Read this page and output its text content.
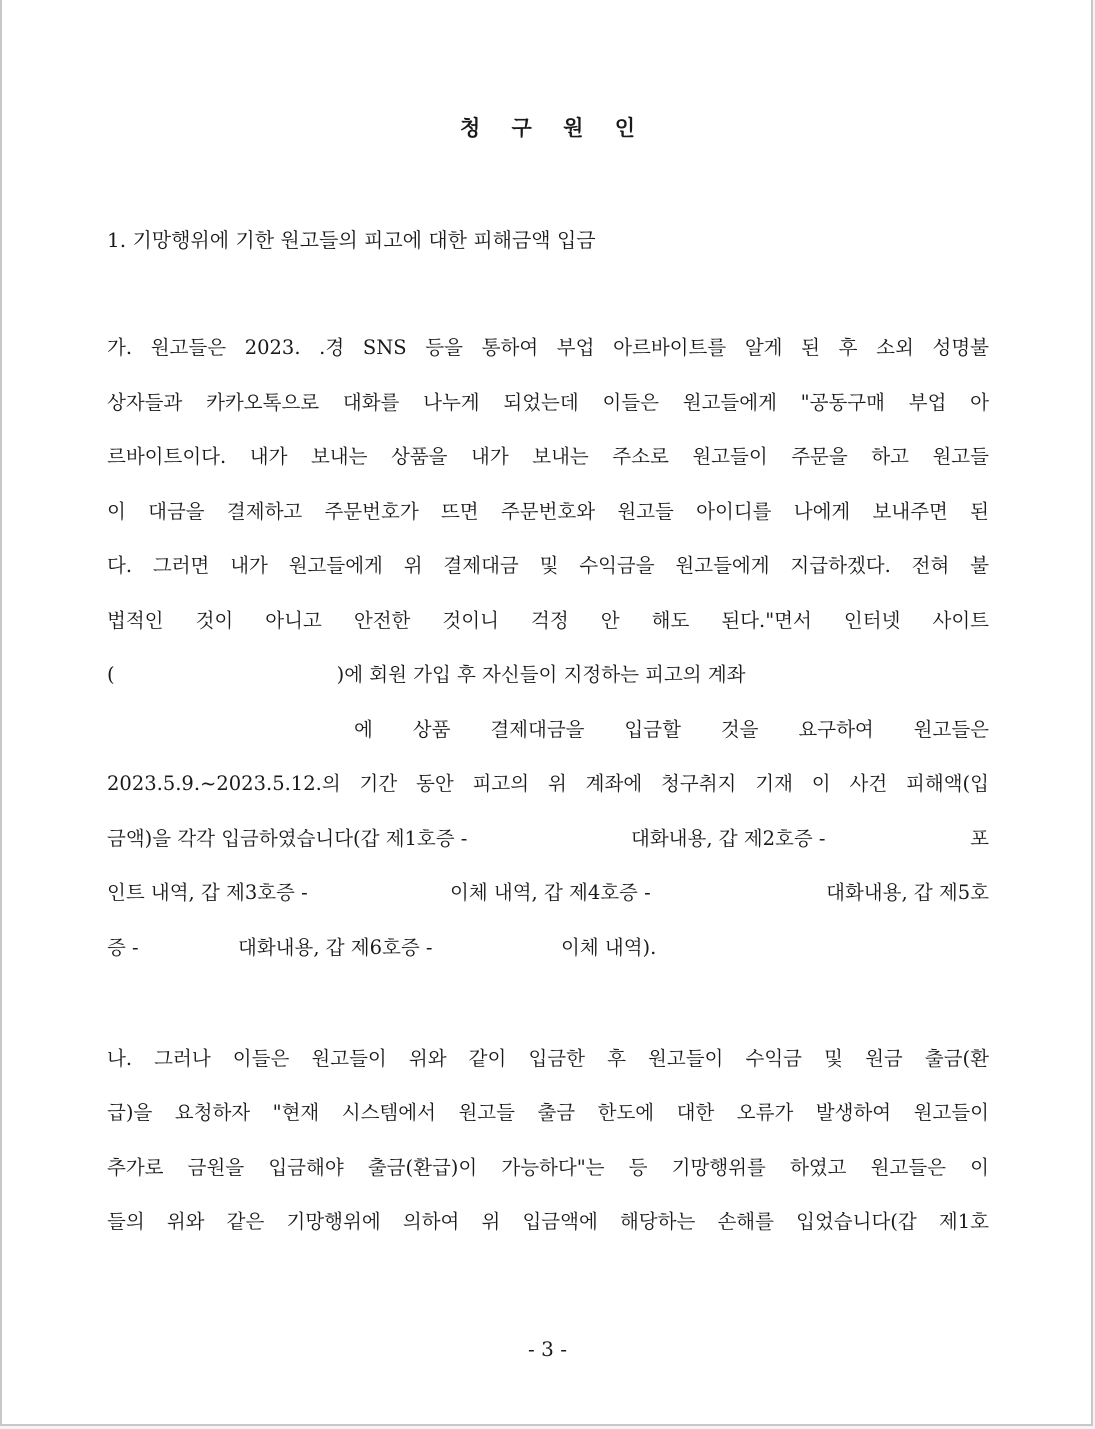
청 구 원 인
1. 기망행위에 기한 원고들의 피고에 대한 피해금액 입금
가. 원고들은 2023. .경 SNS 등을 통하여 부업 아르바이트를 알게 된 후 소외 성명불
상자들과 카카오톡으로 대화를 나누게 되었는데 이들은 원고들에게 "공동구매 부업 아
르바이트이다. 내가 보내는 상품을 내가 보내는 주소로 원고들이 주문을 하고 원고들
이 대금을 결제하고 주문번호가 뜨면 주문번호와 원고들 아이디를 나에게 보내주면 된
다. 그러면 내가 원고들에게 위 결제대금 및 수익금을 원고들에게 지급하겠다. 전혀 불
법적인 것이 아니고 안전한 것이니 걱정 안 해도 된다."면서 인터넷 사이트
(	)에 회원 가입 후 자신들이 지정하는 피고의 계좌
에 상품 결제대금을 입금할 것을 요구하여 원고들은
2023.5.9.~2023.5.12.의 기간 동안 피고의 위 계좌에 청구취지 기재 이 사건 피해액(입
금액)을 각각 입금하였습니다(갑 제1호증 -	대화내용, 갑 제2호증 -	포
인트 내역, 갑 제3호증 -	이체 내역, 갑 제4호증 -	대화내용, 갑 제5호
증 -	대화내용, 갑 제6호증 -	이체 내역).
나. 그러나 이들은 원고들이 위와 같이 입금한 후 원고들이 수익금 및 원금 출금(환
급)을 요청하자 "현재 시스템에서 원고들 출금 한도에 대한 오류가 발생하여 원고들이
추가로 금원을 입금해야 출금(환급)이 가능하다"는 등 기망행위를 하였고 원고들은 이
들의 위와 같은 기망행위에 의하여 위 입금액에 해당하는 손해를 입었습니다(갑 제1호
- 3 -
